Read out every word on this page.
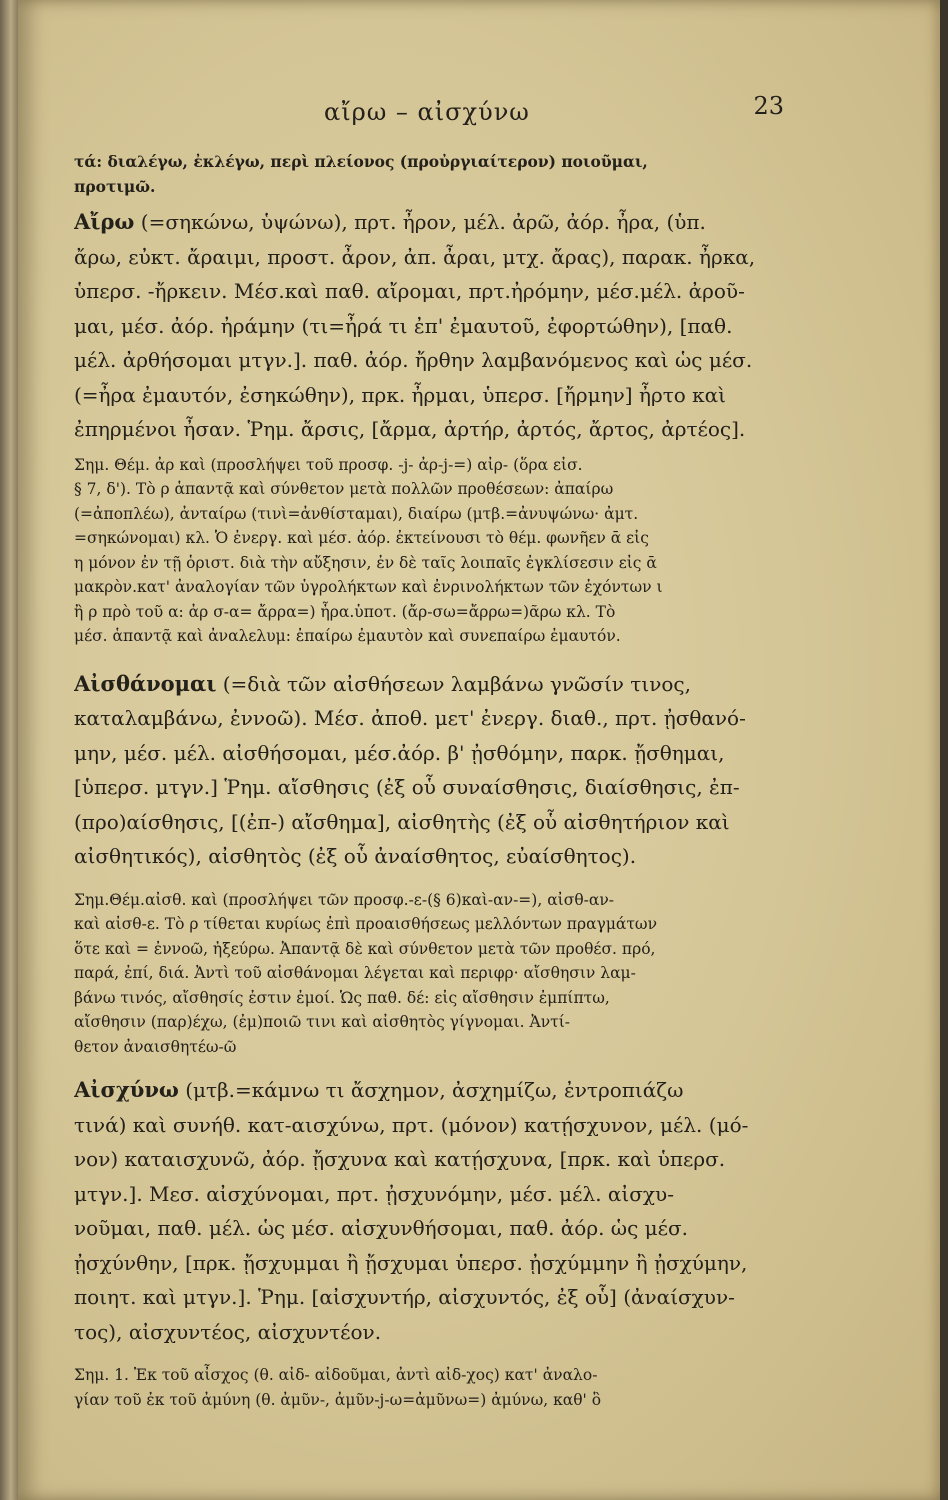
αἴρω – αἰσχύνω	23

τά: διαλέγω, ἐκλέγω, περὶ πλείονος (προὐργιαίτερον) ποιοῦμαι,
προτιμῶ.

Αἴρω (=σηκώνω, ὑψώνω), πρτ. ἦρον, μέλ. ἀρῶ, ἀόρ. ἦρα, (ὑπ.
ἄρω, εὐκτ. ἄραιμι, προστ. ἆρον, ἀπ. ἆραι, μτχ. ἄρας), παρακ. ἦρκα,
ὑπερσ. -ἤρκειν. Μέσ.καὶ παθ. αἴρομαι, πρτ.ἠρόμην, μέσ.μέλ. ἀροῦ-
μαι, μέσ. ἀόρ. ἠράμην (τι=ἦρά τι ἐπ' ἐμαυτοῦ, ἐφορτώθην), [παθ.
μέλ. ἀρθήσομαι μτγν.]. παθ. ἀόρ. ἤρθην λαμβανόμενος καὶ ὡς μέσ.
(=ἦρα ἐμαυτόν, ἐσηκώθην), πρκ. ἦρμαι, ὑπερσ. [ἤρμην] ἦρτο καὶ
ἐπηρμένοι ἦσαν. Ῥημ. ἄρσις, [ἄρμα, ἀρτήρ, ἀρτός, ἄρτος, ἀρτέος].

Σημ. Θέμ. ἀρ καὶ (προσλήψει τοῦ προσφ. -j- ἀρ-j-=) αἰρ- (ὅρα εἰσ.
§ 7, δ'). Τὸ ρ ἁπαντᾷ καὶ σύνθετον μετὰ πολλῶν προθέσεων: ἀπαίρω
(=ἀποπλέω), ἀνταίρω (τινὶ=ἀνθίσταμαι), διαίρω (μτβ.=ἀνυψώνω· ἀμτ.
=σηκώνομαι) κλ. Ὁ ἐνεργ. καὶ μέσ. ἀόρ. ἐκτείνουσι τὸ θέμ. φωνῆεν ᾱ εἰς
η μόνον ἐν τῇ ὁριστ. διὰ τὴν αὔξησιν, ἐν δὲ ταῖς λοιπαῖς ἐγκλίσεσιν εἰς ᾱ
μακρὸν.κατ' ἀναλογίαν τῶν ὑγρολήκτων καὶ ἐνρινολήκτων τῶν ἐχόντων ι
ἢ ρ πρὸ τοῦ α: ἀρ σ-α= ἄρρα=) ἦρα.ὑποτ. (ἄρ-σω=ἄρρω=)ᾶρω κλ. Τὸ
μέσ. ἁπαντᾷ καὶ ἀναλελυμ: ἐπαίρω ἐμαυτὸν καὶ συνεπαίρω ἐμαυτόν.

Αἰσθάνομαι (=διὰ τῶν αἰσθήσεων λαμβάνω γνῶσίν τινος,
καταλαμβάνω, ἐννοῶ). Μέσ. ἀποθ. μετ' ἐνεργ. διαθ., πρτ. ᾐσθανό-
μην, μέσ. μέλ. αἰσθήσομαι, μέσ.ἀόρ. β' ᾐσθόμην, παρκ. ᾔσθημαι,
[ὑπερσ. μτγν.] Ῥημ. αἴσθησις (ἐξ οὗ συναίσθησις, διαίσθησις, ἐπ-
(προ)αίσθησις, [(ἐπ-) αἴσθημα], αἰσθητὴς (ἐξ οὗ αἰσθητήριον καὶ
αἰσθητικός), αἰσθητὸς (ἐξ οὗ ἀναίσθητος, εὐαίσθητος).

Σημ.Θέμ.αἰσθ. καὶ (προσλήψει τῶν προσφ.-ε-(§ 6)καὶ-αν-=), αἰσθ-αν-
καὶ αἰσθ-ε. Τὸ ρ τίθεται κυρίως ἐπὶ προαισθήσεως μελλόντων πραγμάτων
ὅτε καὶ = ἐννοῶ, ἠξεύρω. Ἀπαντᾷ δὲ καὶ σύνθετον μετὰ τῶν προθέσ. πρό,
παρά, ἐπί, διά. Ἀντὶ τοῦ αἰσθάνομαι λέγεται καὶ περιφρ· αἴσθησιν λαμ-
βάνω τινός, αἴσθησίς ἐστιν ἐμοί. Ὡς παθ. δέ: εἰς αἴσθησιν ἐμπίπτω,
αἴσθησιν (παρ)έχω, (ἐμ)ποιῶ τινι καὶ αἰσθητὸς γίγνομαι. Ἀντί-
θετον ἀναισθητέω-ῶ

Αἰσχύνω (μτβ.=κάμνω τι ἄσχημον, ἀσχημίζω, ἐντροπιάζω
τινά) καὶ συνήθ. κατ-αισχύνω, πρτ. (μόνον) κατῄσχυνον, μέλ. (μό-
νον) καταισχυνῶ, ἀόρ. ᾔσχυνα καὶ κατῄσχυνα, [πρκ. καὶ ὑπερσ.
μτγν.]. Μεσ. αἰσχύνομαι, πρτ. ᾐσχυνόμην, μέσ. μέλ. αἰσχυ-
νοῦμαι, παθ. μέλ. ὡς μέσ. αἰσχυνθήσομαι, παθ. ἀόρ. ὡς μέσ.
ᾐσχύνθην, [πρκ. ᾔσχυμμαι ἢ ᾔσχυμαι ὑπερσ. ᾐσχύμμην ἢ ᾐσχύμην,
ποιητ. καὶ μτγν.]. Ῥημ. [αἰσχυντήρ, αἰσχυντός, ἐξ οὗ] (ἀναίσχυν-
τος), αἰσχυντέος, αἰσχυντέον.

Σημ. 1. Ἐκ τοῦ αἶσχος (θ. αἰδ- αἰδοῦμαι, ἀντὶ αἰδ-χος) κατ' ἀναλο-
γίαν τοῦ ἐκ τοῦ ἀμύνη (θ. ἀμῦν-, ἀμῦν-j-ω=ἀμῦνω=) ἀμύνω, καθ' ὃ
